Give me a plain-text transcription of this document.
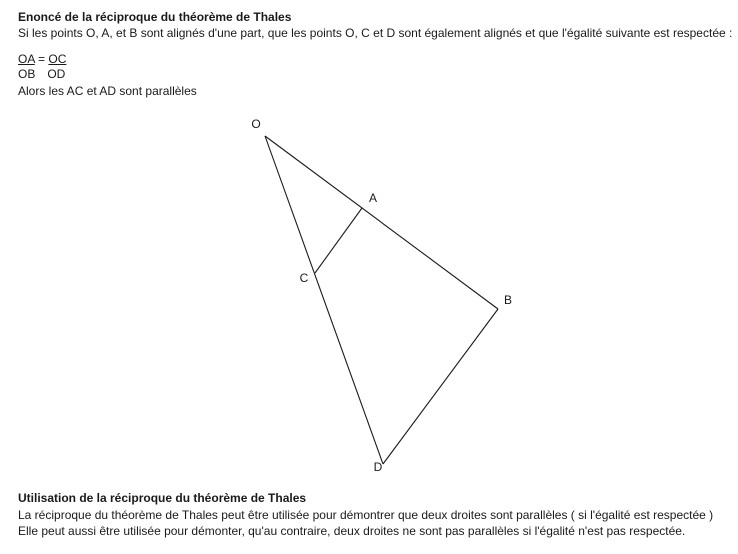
Enoncé de la réciproque du théorème de Thales
Si les points O, A, et B sont alignés d'une part, que les points O, C et D sont également alignés et que l'égalité suivante est respectée :
OA = OC
OB OD
Alors les AC et AD sont parallèles
O
A
B
C
D
Utilisation de la réciproque du théorème de Thales
La réciproque du théorème de Thales peut être utilisée pour démontrer que deux droites sont parallèles ( si l'égalité est respectée )
Elle peut aussi être utilisée pour démonter, qu'au contraire, deux droites ne sont pas parallèles si l'égalité n'est pas respectée.
